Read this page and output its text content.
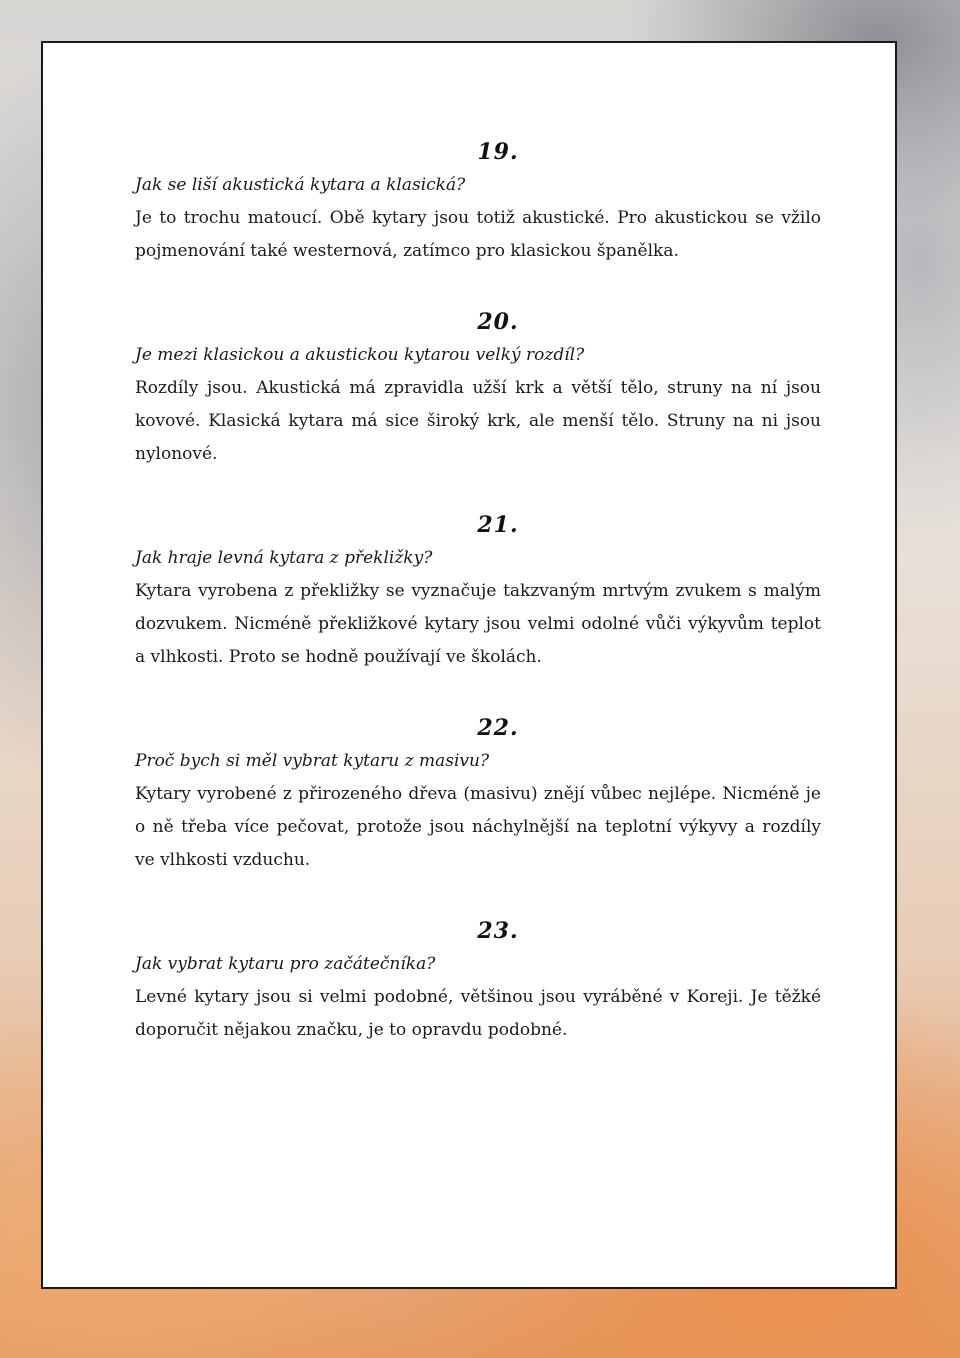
19.

Jak se liší akustická kytara a klasická?

Je to trochu matoucí. Obě kytary jsou totiž akustické. Pro akustickou se vžilo pojmenování také westernová, zatímco pro klasickou španělka.

20.

Je mezi klasickou a akustickou kytarou velký rozdíl?

Rozdíly jsou. Akustická má zpravidla užší krk a větší tělo, struny na ní jsou kovové. Klasická kytara má sice široký krk, ale menší tělo. Struny na ni jsou nylonové.

21.

Jak hraje levná kytara z překližky?

Kytara vyrobena z překližky se vyznačuje takzvaným mrtvým zvukem s malým dozvukem. Nicméně překližkové kytary jsou velmi odolné vůči výkyvům teplot a vlhkosti. Proto se hodně používají ve školách.

22.

Proč bych si měl vybrat kytaru z masivu?

Kytary vyrobené z přirozeného dřeva (masivu) znějí vůbec nejlépe. Nicméně je o ně třeba více pečovat, protože jsou náchylnější na teplotní výkyvy a rozdíly ve vlhkosti vzduchu.

23.

Jak vybrat kytaru pro začátečníka?

Levné kytary jsou si velmi podobné, většinou jsou vyráběné v Koreji. Je těžké doporučit nějakou značku, je to opravdu podobné.
